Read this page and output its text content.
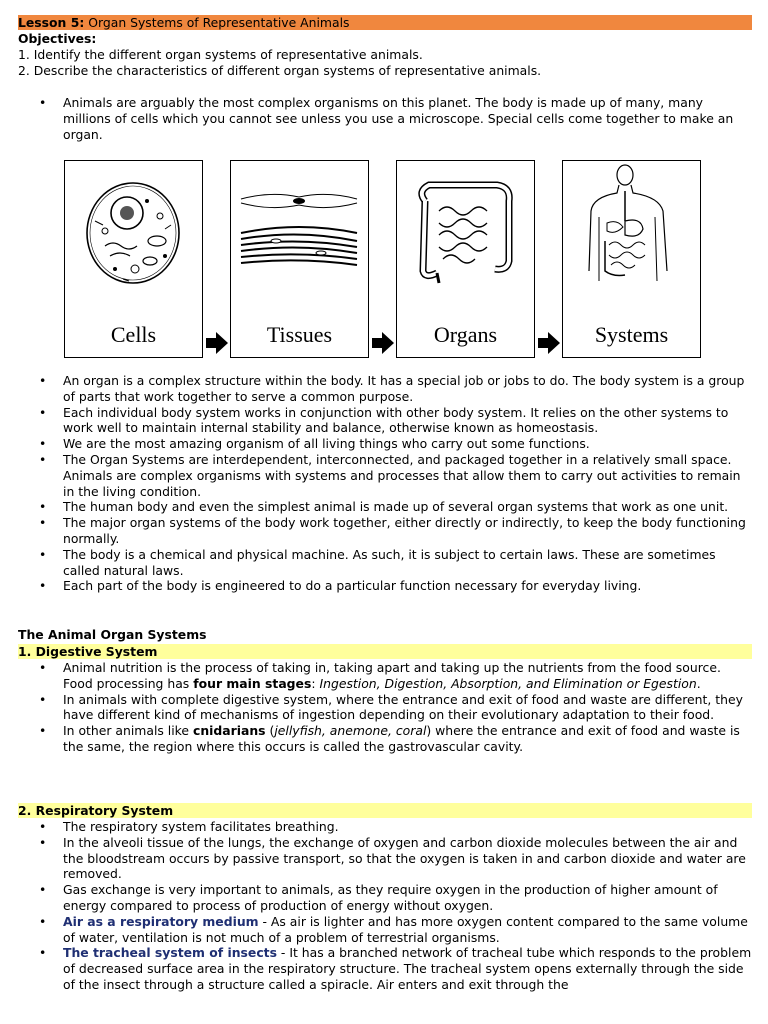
Lesson 5: Organ Systems of Representative Animals
Objectives:
1. Identify the different organ systems of representative animals.
2. Describe the characteristics of different organ systems of representative animals.
• Animals are arguably the most complex organisms on this planet. The body is made up of many, many millions of cells which you cannot see unless you use a microscope. Special cells come together to make an organ.
Cells	Tissues	Organs	Systems
• An organ is a complex structure within the body. It has a special job or jobs to do. The body system is a group of parts that work together to serve a common purpose.
• Each individual body system works in conjunction with other body system. It relies on the other systems to work well to maintain internal stability and balance, otherwise known as homeostasis.
• We are the most amazing organism of all living things who carry out some functions.
• The Organ Systems are interdependent, interconnected, and packaged together in a relatively small space. Animals are complex organisms with systems and processes that allow them to carry out activities to remain in the living condition.
• The human body and even the simplest animal is made up of several organ systems that work as one unit.
• The major organ systems of the body work together, either directly or indirectly, to keep the body functioning normally.
• The body is a chemical and physical machine. As such, it is subject to certain laws. These are sometimes called natural laws.
• Each part of the body is engineered to do a particular function necessary for everyday living.
The Animal Organ Systems
1. Digestive System
• Animal nutrition is the process of taking in, taking apart and taking up the nutrients from the food source. Food processing has four main stages: Ingestion, Digestion, Absorption, and Elimination or Egestion.
• In animals with complete digestive system, where the entrance and exit of food and waste are different, they have different kind of mechanisms of ingestion depending on their evolutionary adaptation to their food.
• In other animals like cnidarians (jellyfish, anemone, coral) where the entrance and exit of food and waste is the same, the region where this occurs is called the gastrovascular cavity.
2. Respiratory System
• The respiratory system facilitates breathing.
• In the alveoli tissue of the lungs, the exchange of oxygen and carbon dioxide molecules between the air and the bloodstream occurs by passive transport, so that the oxygen is taken in and carbon dioxide and water are removed.
• Gas exchange is very important to animals, as they require oxygen in the production of higher amount of energy compared to process of production of energy without oxygen.
• Air as a respiratory medium - As air is lighter and has more oxygen content compared to the same volume of water, ventilation is not much of a problem of terrestrial organisms.
• The tracheal system of insects - It has a branched network of tracheal tube which responds to the problem of decreased surface area in the respiratory structure. The tracheal system opens externally through the side of the insect through a structure called a spiracle. Air enters and exit through the
